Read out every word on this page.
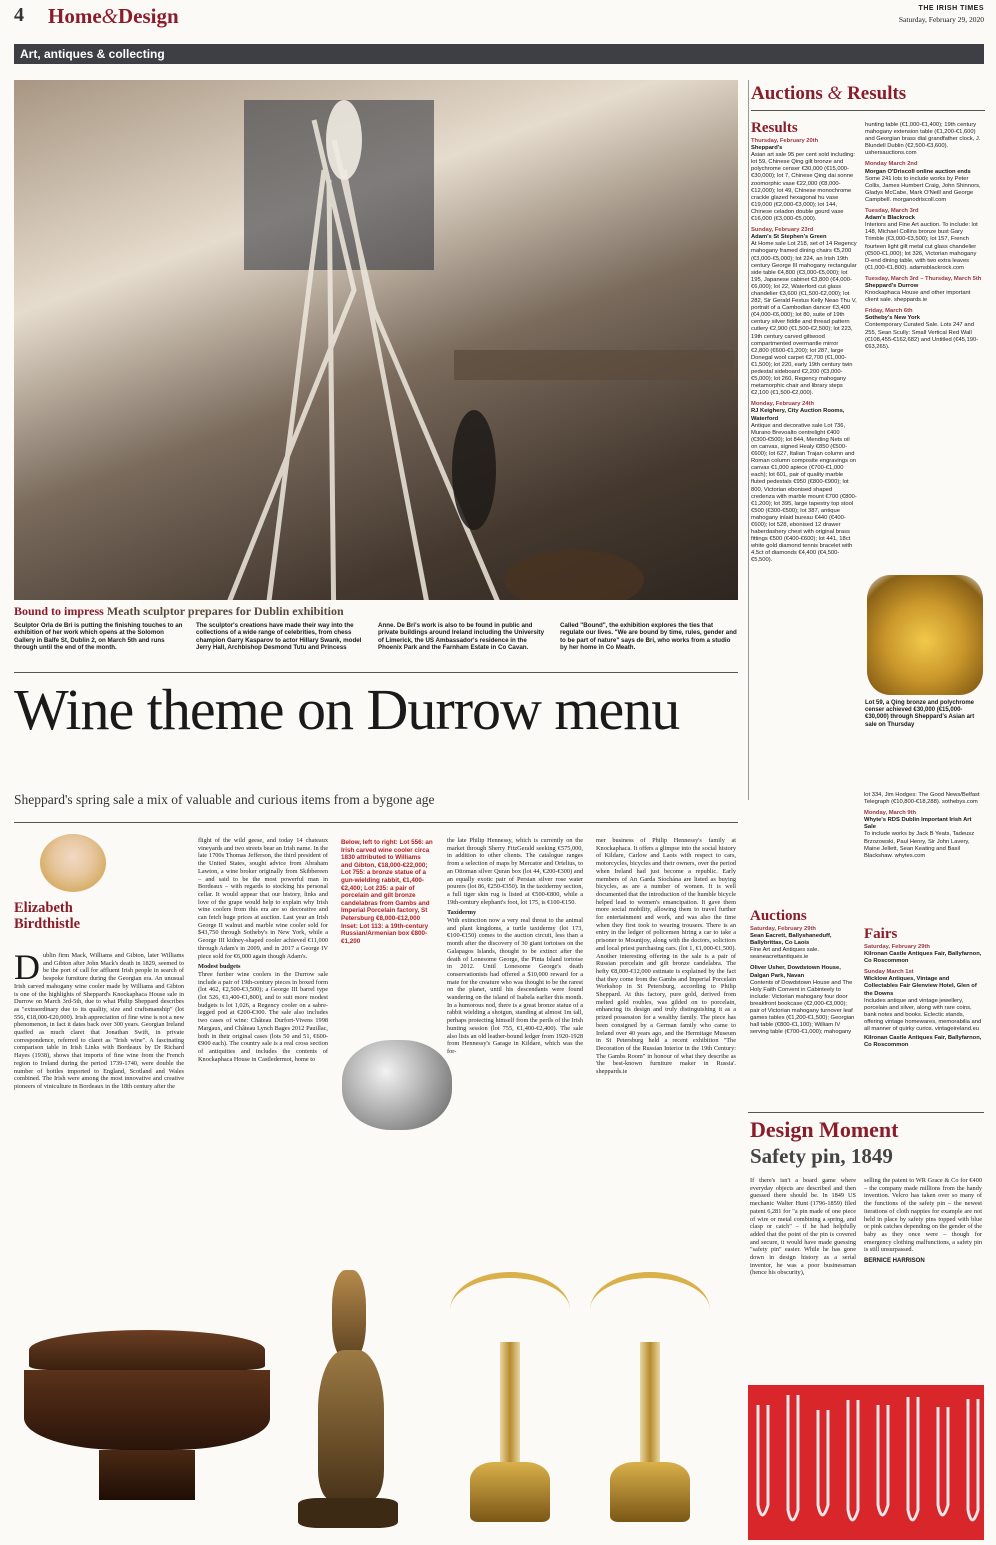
4 Home&Design	THE IRISH TIMES
Saturday, February 29, 2020
Art, antiques & collecting
Bound to impress Meath sculptor prepares for Dublin exhibition
Sculptor Orla de Bri is putting the finishing touches to an exhibition of her work which opens at the Solomon Gallery in Balfe St, Dublin 2, on March 5th and runs through until the end of the month.
The sculptor's creations have made their way into the collections of a wide range of celebrities, from chess champion Garry Kasparov to actor Hillary Swank, model Jerry Hall, Archbishop Desmond Tutu and Princess
Anne. De Bri's work is also to be found in public and private buildings around Ireland including the University of Limerick, the US Ambassador's residence in the Phoenix Park and the Farnham Estate in Co Cavan.
Called "Bound", the exhibition explores the ties that regulate our lives. "We are bound by time, rules, gender and to be part of nature" says de Bri, who works from a studio by her home in Co Meath.
Wine theme on Durrow menu
Sheppard's spring sale a mix of valuable and curious items from a bygone age
Elizabeth
Birdthistle
Dublin firm Mack, Williams and Gibton, later Williams and Gibton after John Mack's death in 1829, seemed to be the port of call for affluent Irish people in search of bespoke furniture during the Georgian era. An unusual Irish carved mahogany wine cooler made by Williams and Gibton is one of the highlights of Sheppard's Knockaphaca House sale in Durrow on March 3rd-5th, due to what Philip Sheppard describes as "extraordinary due to its quality, size and craftsmanship" (lot 556, €18,000-€20,000). Irish appreciation of fine wine is not a new phenomenon, in fact it dates back over 300 years. Georgian Ireland quaffed as much claret that Jonathan Swift, in private correspondence, referred to claret as "Irish wine". A fascinating comparison table in Irish Links with Bordeaux by Dr Richard Hayes (1938), shows that imports of fine wine from the French region to Ireland during the period 1739-1740, were double the number of bottles imported to England, Scotland and Wales combined. The Irish were among the most innovative and creative pioneers of viniculture in Bordeaux in the 18th century after the
flight of the wild geese, and today 14 chateaux vineyards and two streets bear an Irish name. In the late 1700s Thomas Jefferson, the third president of the United States, sought advice from Abraham Lawton, a wine broker originally from Skibbereen – and said to be the most powerful man in Bordeaux – with regards to stocking his personal cellar. It would appear that our history, links and love of the grape would help to explain why Irish wine coolers from this era are so decorative and can fetch huge prices at auction. Last year an Irish George II walnut and marble wine cooler sold for $43,750 through Sotheby's in New York, while a George III kidney-shaped cooler achieved €11,000 through Adam's in 2009, and in 2017 a George IV piece sold for €6,000 again though Adam's.
Modest budgets
Three further wine coolers in the Durrow sale include a pair of 19th-century pieces in boxed form (lot 462, €2,500-€3,500); a George III barrel type (lot 526, €1,400-€1,800), and to suit more modest budgets is lot 1,026, a Regency cooler on a sabre-legged pod at €200-€300. The sale also includes two cases of wine: Château Durfort-Vivens 1998 Margaux, and Château Lynch Bages 2012 Pauillac, both in their original cases (lots 50 and 51, €600-€900 each). The country sale is a real cross section of antiquities and includes the contents of Knockaphaca House in Castledermot, home to
Below, left to right: Lot 556: an Irish carved wine cooler circa 1830 attributed to Williams and Gibton, €18,000-€22,000; Lot 755: a bronze statue of a gun-wielding rabbit, €1,400-€2,400; Lot 235: a pair of porcelain and gilt bronze candelabras from Gambs and Imperial Porcelain factory, St Petersburg €8,000-€12,000 Inset: Lot 113: a 19th-century Russian/Armenian box €800-€1,200
the late Philip Hennessy, which is currently on the market through Sherry FitzGerald seeking €575,000, in addition to other clients. The catalogue ranges from a selection of maps by Mercator and Ortelius, to an Ottoman silver Quran box (lot 44, €200-€300) and an equally exotic pair of Persian silver rose water pourers (lot 86, €250-€350). In the taxidermy section, a full tiger skin rug is listed at €500-€800, while a 19th-century elephant's foot, lot 175, is €100-€150.
Taxidermy
With extinction now a very real threat to the animal and plant kingdoms, a turtle taxidermy (lot 173, €100-€150) comes to the auction circuit, less than a month after the discovery of 30 giant tortoises on the Galapagos Islands, thought to be extinct after the death of Lonesome George, the Pinta Island tortoise in 2012. Until Lonesome George's death conservationists had offered a $10,000 reward for a mate for the creature who was thought to be the rarest on the planet, until his descendants were found wandering on the island of Isabela earlier this month. In a humorous nod, there is a great bronze statue of a rabbit wielding a shotgun, standing at almost 1m tall, perhaps protecting himself from the perils of the Irish hunting session (lot 755, €1,400-€2,400). The sale also lists an old leather-bound ledger from 1920-1928 from Hennessy's Garage in Kildare, which was the for-
mer business of Philip Hennessy's family at Knockaphaca. It offers a glimpse into the social history of Kildare, Carlow and Laois with respect to cars, motorcycles, bicycles and their owners, over the period when Ireland had just become a republic. Early members of An Garda Síochána are listed as buying bicycles, as are a number of women. It is well documented that the introduction of the humble bicycle helped lead to women's emancipation. It gave them more social mobility, allowing them to travel further for entertainment and work, and was also the time when they first took to wearing trousers. There is an entry in the ledger of policemen hiring a car to take a prisoner to Mountjoy, along with the doctors, solicitors and local priest purchasing cars. (lot 1, €1,000-€1,500). Another interesting offering in the sale is a pair of Russian porcelain and gilt bronze candelabra. The hefty €8,000-€12,000 estimate is explained by the fact that they come from the Gambs and Imperial Porcelain Workshop in St Petersburg, according to Philip Sheppard. At this factory, pure gold, derived from melted gold roubles, was gilded on to porcelain, enhancing its design and truly distinguishing it as a prized possession for a wealthy family. The piece has been consigned by a German family who came to Ireland over 40 years ago, and the Hermitage Museum in St Petersburg held a recent exhibition "The Decoration of the Russian Interior in the 19th Century: The Gambs Room" in honour of what they describe as 'the best-known furniture maker in Russia'. sheppards.ie
Auctions & Results
Results
Thursday, February 20th
Sheppard's
Asian art sale 95 per cent sold including: lot 59, Chinese Qing gilt bronze and polychrome censer €30,000 (€15,000-€30,000); lot 7, Chinese Qing dai sonne zoomorphic vase €22,000 (€8,000-€12,000); lot 49, Chinese monochrome crackle glazed hexagonal hu vase €19,000 (€2,000-€3,000); lot 144, Chinese celadon double gourd vase €16,000 (€3,000-€5,000).
Sunday, February 23rd
Adam's St Stephen's Green
At Home sale Lot 218, set of 14 Regency mahogany framed dining chairs €5,200 (€3,000-€5,000); lot 224, an Irish 19th century George III mahogany rectangular side table €4,800 (€3,000-€5,000); lot 195, Japanese cabinet €3,800 (€4,000-€6,000); lot 22, Waterford cut glass chandelier €3,600 (€1,500-€2,000); lot 282, Sir Gerald Festus Kelly Neao Thu V, portrait of a Cambodian dancer €3,400 (€4,000-€6,000); lot 80, suite of 19th century silver fiddle and thread pattern cutlery €2,900 (€1,500-€2,500); lot 223, 19th century carved giltwood compartmented overmantle mirror €2,800 (€600-€1,200); lot 287, large Donegal wool carpet €2,700 (€1,000-€1,500); lot 220, early 19th century twin pedestal sideboard €2,200 (€3,000-€5,000); lot 260, Regency mahogany metamorphic chair and library steps €2,100 (€1,500-€2,000).
Monday, February 24th
RJ Keighery, City Auction Rooms, Waterford
Antique and decorative sale Lot 736, Murano Brevoalto centrelight €400 (€300-€500); lot 844, Mending Nets oil on canvas, signed Healy €850 (€500-€600); lot 627, Italian Trajan column and Roman column composite engravings on canvas €1,000 apiece (€700-€1,000 each); lot 601, pair of quality marble fluted pedestals €950 (€800-€900); lot 800, Victorian ebonised shaped credenza with marble mount €700 (€800-€1,200); lot 395, large tapestry top stool €500 (€300-€500); lot 387, antique mahogany inlaid bureau €440 (€400-€600); lot 528, ebonised 12 drawer haberdashery chest with original brass fittings €500 (€400-€600); lot 441, 18ct white gold diamond tennis bracelet with 4.5ct of diamonds €4,400 (€4,500-€5,500).
hunting table (€1,000-€1,400); 19th century mahogany extension table (€1,200-€1,600) and Georgian brass dial grandfather clock, J. Blundell Dublin (€2,500-€3,600). ushersauctions.com
Monday March 2nd
Morgan O'Driscoll online auction ends
Some 241 lots to include works by Peter Collis, James Humbert Craig, John Shinnors, Gladys McCabe, Mark O'Neill and George Campbell. morganodriscoll.com
Tuesday, March 3rd
Adam's Blackrock
Interiors and Fine Art auction. To include: lot 148, Michael Collins bronze bust Gary Trimble (€3,000-€3,500); lot 157, French fourteen light gilt metal cut glass chandelier (€500-€1,000); lot 326, Victorian mahogany D-end dining table, with two extra leaves (€1,000-€1,800). adamsblackrock.com
Tuesday, March 3rd – Thursday, March 5th
Sheppard's Durrow
Knockaphaca House and other important client sale. sheppards.ie
Friday, March 6th
Sotheby's New York
Contemporary Curated Sale. Lots 247 and 255, Sean Scully: Small Vertical Red Wall (€108,455-€162,682) and Untitled (€45,190-€63,265).
Lot 59, a Qing bronze and polychrome censer achieved €30,000 (€15,000-€30,000) through Sheppard's Asian art sale on Thursday
lot 334, Jim Hodges: The Good News/Belfast Telegraph (€10,800-€18,288). sothebys.com
Monday, March 9th
Whyte's RDS Dublin Important Irish Art Sale
To include works by Jack B Yeats, Tadeusz Brzozowski, Paul Henry, Sir John Lavery, Maine Jellett, Sean Keating and Basil Blackshaw. whytes.com
Auctions
Saturday, February 29th
Sean Eacrett, Ballyshaneduff, Ballybrittas, Co Laois
Fine Art and Antiques sale. seaneacrettantiques.ie
Oliver Usher, Dowdstown House, Dalgan Park, Navan
Contents of Dowdstown House and The Holy Faith Convent in Cabinteely to include: Victorian mahogany four door breakfront bookcase (€2,000-€3,000); pair of Victorian mahogany turnover leaf games tables (€1,200-€1,500); Georgian hall table (€800-€1,100); William IV serving table (€700-€1,000); mahogany
Fairs
Saturday, February 29th
Kilronan Castle Antiques Fair, Ballyfarnon, Co Roscommon
Sunday March 1st
Wicklow Antiques, Vintage and Collectables Fair Glenview Hotel, Glen of the Downs
Includes antique and vintage jewellery, porcelain and silver, along with rare coins, bank notes and books. Eclectic stands, offering vintage homewares, memorabilia and all manner of quirky curios. vintageireland.eu
Kilronan Castle Antiques Fair, Ballyfarnon, Co Roscommon
Design Moment
Safety pin, 1849
If there's isn't a board game where everyday objects are described and then guessed there should be. In 1849 US mechanic Walter Hunt (1796-1859) filed patent 6,281 for "a pin made of one piece of wire or metal combining a spring, and clasp or catch" – if he had helpfully added that the point of the pin is covered and secure, it would have made guessing "safety pin" easier. While he has gone down in design history as a serial inventor, he was a poor businessman (hence his obscurity),
selling the patent to WR Grace & Co for €400 – the company made millions from the handy invention. Velcro has taken over so many of the functions of the safety pin – the newest iterations of cloth nappies for example are not held in place by safety pins topped with blue or pink catches depending on the gender of the baby as they once were – though for emergency clothing malfunctions, a safety pin is still unsurpassed.
BERNICE HARRISON
